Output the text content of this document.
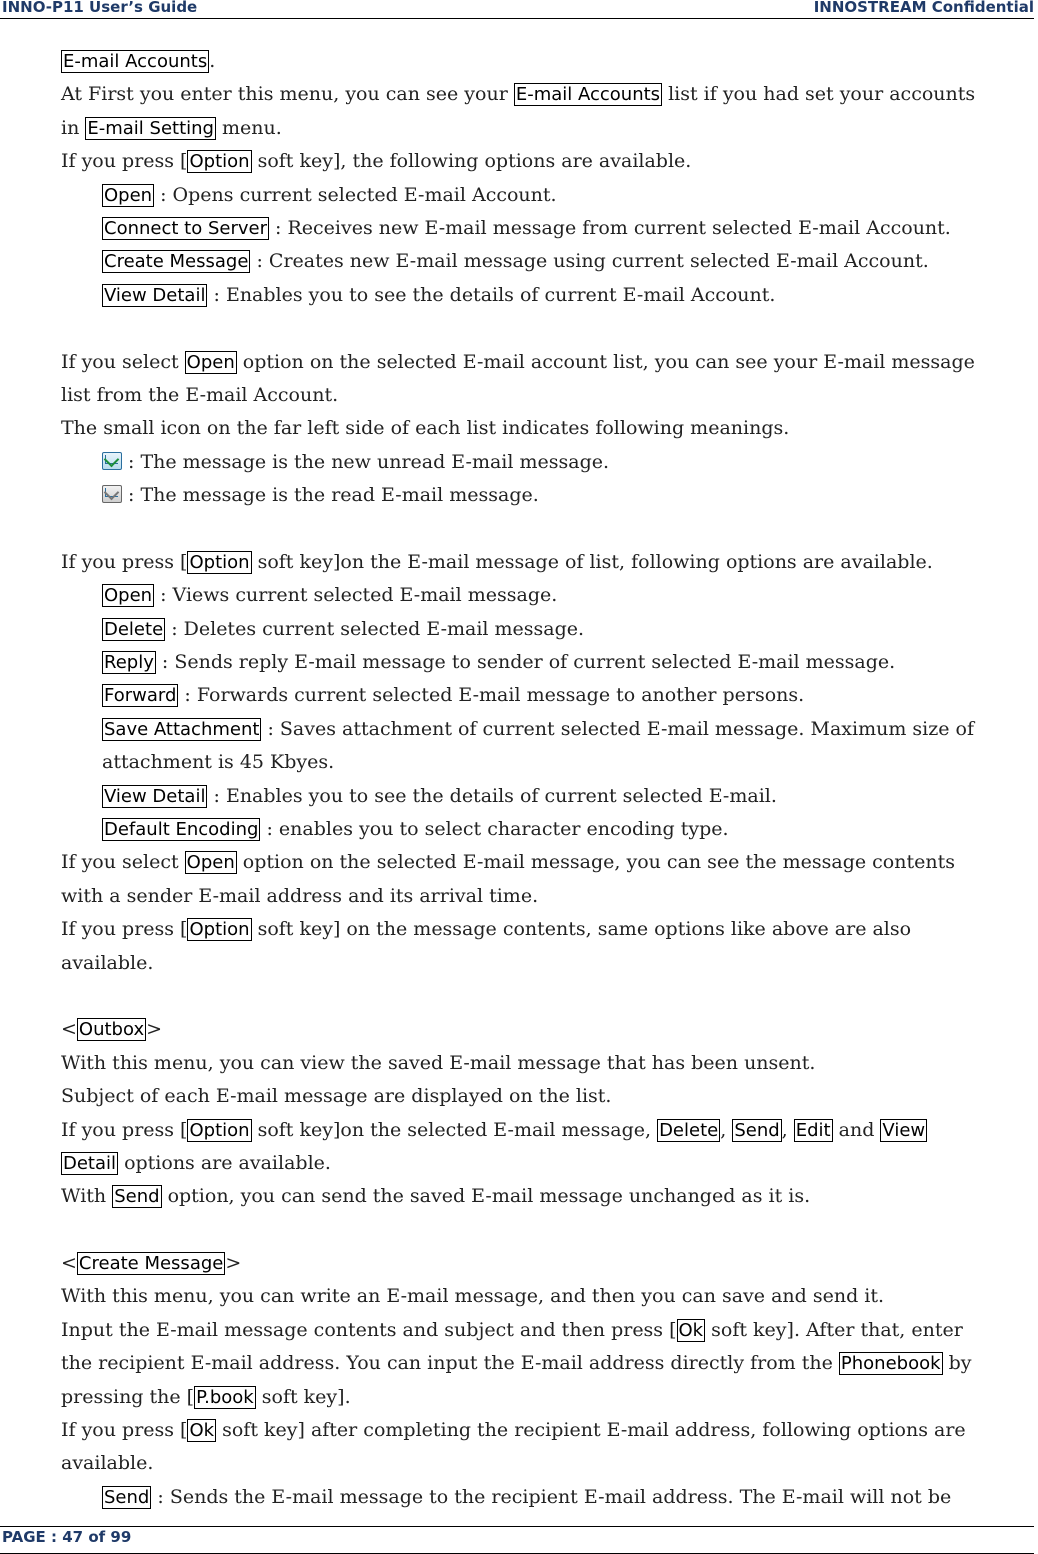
INNO-P11 User’s Guide	INNOSTREAM Confidential
E-mail Accounts .
At First you enter this menu, you can see your E-mail Accounts list if you had set your accounts
in E-mail Setting menu.
If you press [ Option soft key], the following options are available.
Open : Opens current selected E-mail Account.
Connect to Server : Receives new E-mail message from current selected E-mail Account.
Create Message : Creates new E-mail message using current selected E-mail Account.
View Detail : Enables you to see the details of current E-mail Account.
If you select Open option on the selected E-mail account list, you can see your E-mail message
list from the E-mail Account.
The small icon on the far left side of each list indicates following meanings.
: The message is the new unread E-mail message.
: The message is the read E-mail message.
If you press [ Option soft key]on the E-mail message of list, following options are available.
Open : Views current selected E-mail message.
Delete : Deletes current selected E-mail message.
Reply : Sends reply E-mail message to sender of current selected E-mail message.
Forward : Forwards current selected E-mail message to another persons.
Save Attachment : Saves attachment of current selected E-mail message. Maximum size of
attachment is 45 Kbyes.
View Detail : Enables you to see the details of current selected E-mail.
Default Encoding : enables you to select character encoding type.
If you select Open option on the selected E-mail message, you can see the message contents
with a sender E-mail address and its arrival time.
If you press [ Option soft key] on the message contents, same options like above are also
available.
< Outbox >
With this menu, you can view the saved E-mail message that has been unsent.
Subject of each E-mail message are displayed on the list.
If you press [ Option soft key]on the selected E-mail message, Delete , Send , Edit and View
Detail options are available.
With Send option, you can send the saved E-mail message unchanged as it is.
< Create Message >
With this menu, you can write an E-mail message, and then you can save and send it.
Input the E-mail message contents and subject and then press [ Ok soft key]. After that, enter
the recipient E-mail address. You can input the E-mail address directly from the Phonebook by
pressing the [ P.book soft key].
If you press [ Ok soft key] after completing the recipient E-mail address, following options are
available.
Send : Sends the E-mail message to the recipient E-mail address. The E-mail will not be
PAGE : 47 of 99
